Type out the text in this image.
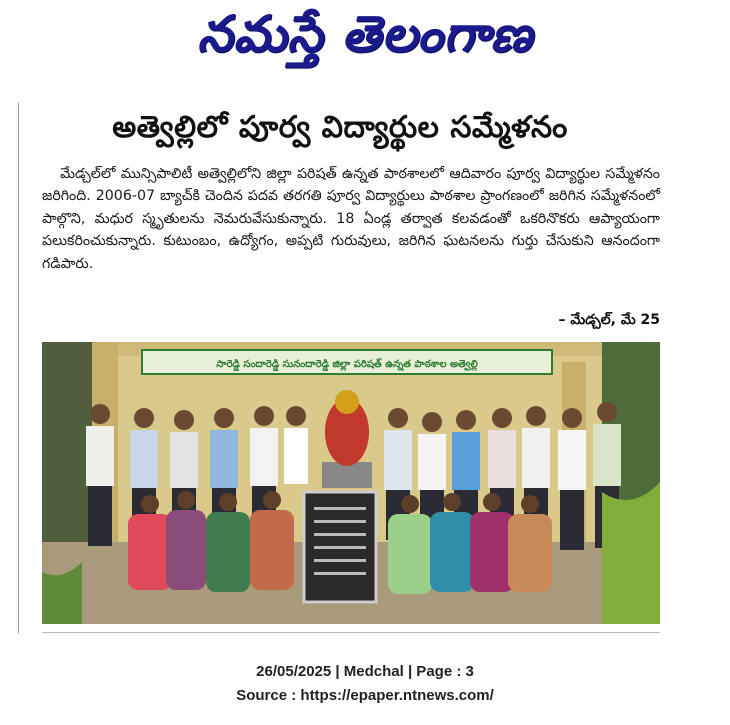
నమస్తే తెలంగాణ
అత్వెల్లిలో పూర్వ విద్యార్థుల సమ్మేళనం

మేడ్చల్‌లో మున్సిపాలిటీ అత్వెల్లిలోని జిల్లా పరిషత్ ఉన్నత పాఠశాలలో ఆదివారం పూర్వ విద్యార్థుల సమ్మేళనం జరిగింది. 2006-07 బ్యాచ్‌కి చెందిన పదవ తరగతి పూర్వ విద్యార్థులు పాఠశాల ప్రాంగణంలో జరిగిన సమ్మేళనంలో పాల్గొని, మధుర స్మృతులను నెమరువేసుకున్నారు. 18 ఏండ్ల తర్వాత కలవడంతో ఒకరినొకరు ఆప్యాయంగా పలుకరించుకున్నారు. కుటుంబం, ఉద్యోగం, అప్పటి గురువులు, జరిగిన ఘటనలను గుర్తు చేసుకుని ఆనందంగా గడిపారు.

– మేడ్చల్, మే 25
సారెడ్డి సందారెడ్డి సునందారెడ్డి జిల్లా పరిషత్ ఉన్నత పాఠశాల అత్వెల్లి
26/05/2025 | Medchal | Page : 3
Source : https://epaper.ntnews.com/
